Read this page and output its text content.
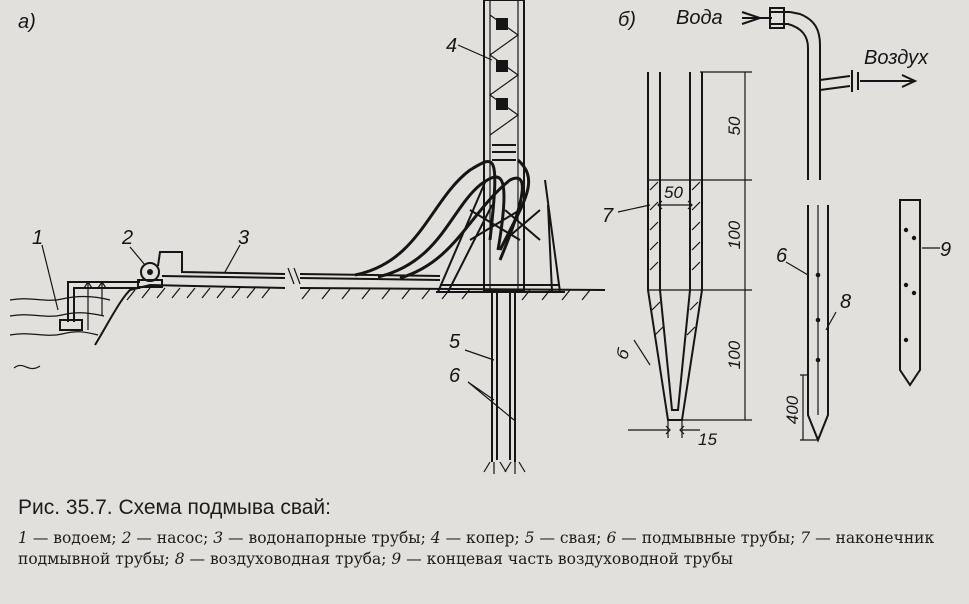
а)
1	2	3
4
5
6
б)
50
50
100
100
15
б
7
Вода
Воздух
6
8
400
9
Рис. 35.7. Схема подмыва свай:

1 — водоем; 2 — насос; 3 — водонапорные трубы; 4 — копер; 5 — свая; 6 — подмывные трубы; 7 — наконечник подмывной трубы; 8 — воздуховодная труба; 9 — концевая часть воздуховодной трубы
